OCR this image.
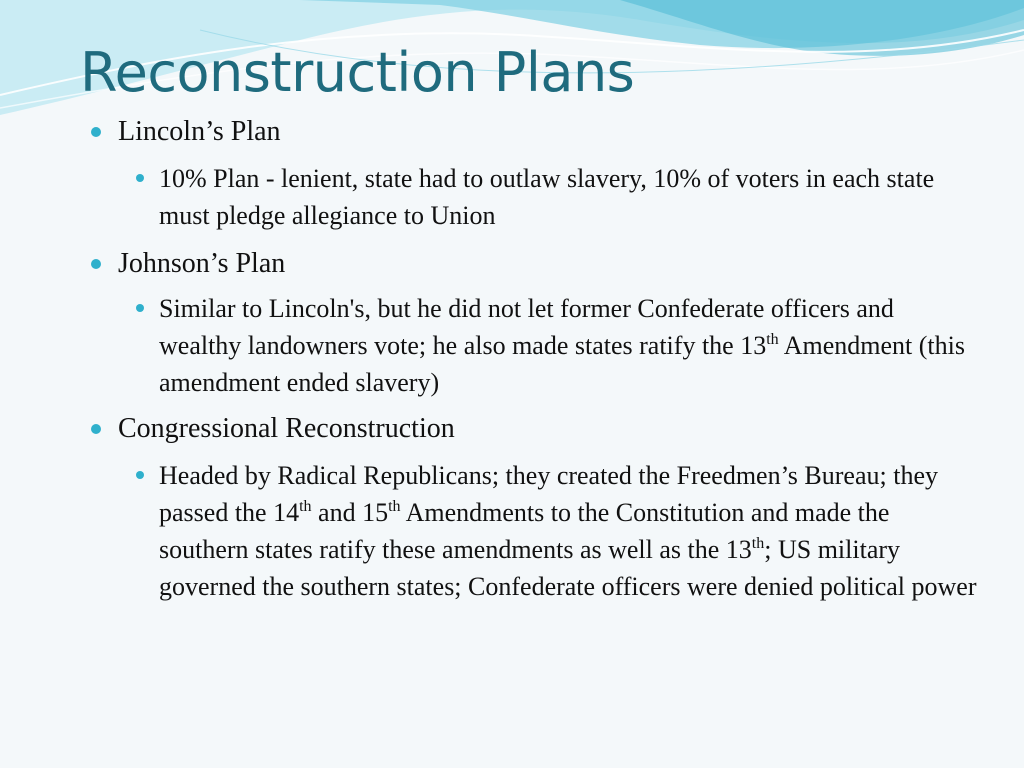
Reconstruction Plans
Lincoln’s Plan
10% Plan - lenient, state had to outlaw slavery, 10% of voters in each state must pledge allegiance to Union
Johnson’s Plan
Similar to Lincoln's, but he did not let former Confederate officers and wealthy landowners vote; he also made states ratify the 13th Amendment (this amendment ended slavery)
Congressional Reconstruction
Headed by Radical Republicans; they created the Freedmen’s Bureau; they passed the 14th and 15th Amendments to the Constitution and made the southern states ratify these amendments as well as the 13th; US military governed the southern states; Confederate officers were denied political power
